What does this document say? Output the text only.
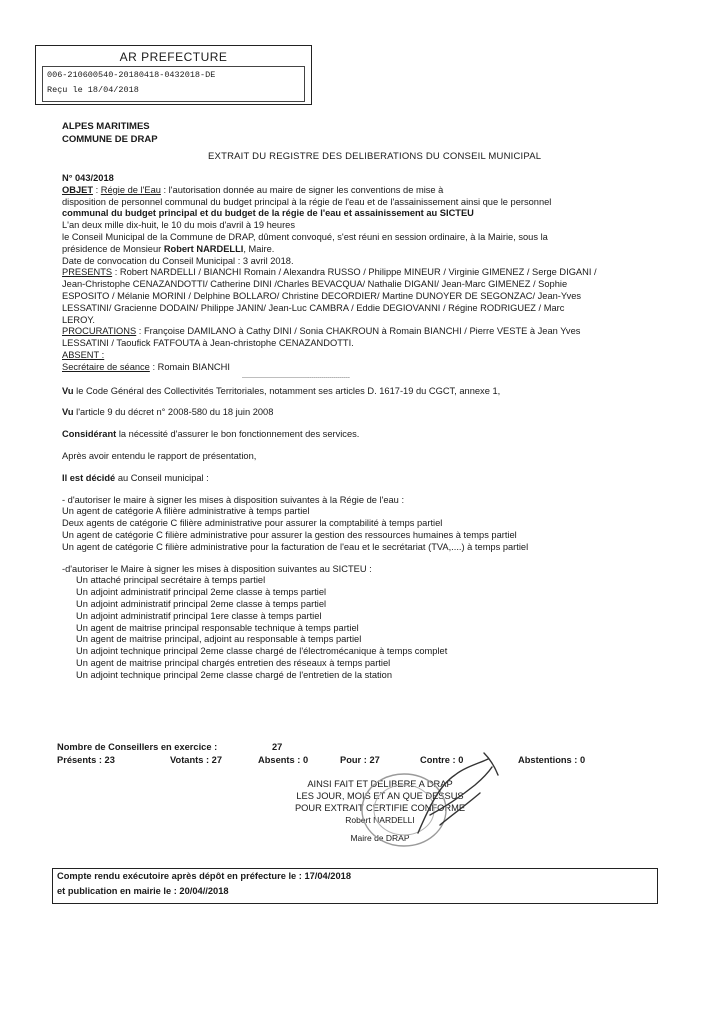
AR PREFECTURE
006-210600540-20180418-0432018-DE
Reçu le 18/04/2018
ALPES MARITIMES
COMMUNE DE DRAP
EXTRAIT DU REGISTRE DES DELIBERATIONS DU CONSEIL MUNICIPAL
N° 043/2018
OBJET : Régie de l'Eau : l'autorisation donnée au maire de signer les conventions de mise à
disposition de personnel communal du budget principal à la régie de l'eau et de l'assainissement ainsi que le personnel
communal du budget principal et du budget de la régie de l'eau et assainissement au SICTEU
L'an deux mille dix-huit, le 10 du mois d'avril à 19 heures
le Conseil Municipal de la Commune de DRAP, dûment convoqué, s'est réuni en session ordinaire, à la Mairie, sous la
présidence de Monsieur Robert NARDELLI, Maire.
Date de convocation du Conseil Municipal : 3 avril 2018.
PRESENTS : Robert NARDELLI / BIANCHI Romain / Alexandra RUSSO / Philippe MINEUR / Virginie GIMENEZ / Serge DIGANI /
Jean-Christophe CENAZANDOTTI/ Catherine DINI /Charles BEVACQUA/ Nathalie DIGANI/ Jean-Marc GIMENEZ / Sophie
ESPOSITO / Mélanie MORINI / Delphine BOLLARO/ Christine DECORDIER/ Martine DUNOYER DE SEGONZAC/ Jean-Yves
LESSATINI/ Gracienne DODAIN/ Philippe JANIN/ Jean-Luc CAMBRA / Eddie DEGIOVANNI / Régine RODRIGUEZ / Marc
LEROY.
PROCURATIONS : Françoise DAMILANO à Cathy DINI / Sonia CHAKROUN à Romain BIANCHI / Pierre VESTE à Jean Yves
LESSATINI / Taoufick FATFOUTA à Jean-christophe CENAZANDOTTI.
ABSENT :
Secrétaire de séance : Romain BIANCHI
------------------------------------------------------
Vu le Code Général des Collectivités Territoriales, notamment ses articles D. 1617-19 du CGCT, annexe 1,
Vu l'article 9 du décret n° 2008-580 du 18 juin 2008
Considérant la nécessité d'assurer le bon fonctionnement des services.
Après avoir entendu le rapport de présentation,
Il est décidé au Conseil municipal :
- d'autoriser le maire à signer les mises à disposition suivantes à la Régie de l'eau :
Un agent de catégorie A filière administrative à temps partiel
Deux agents de catégorie C filière administrative pour assurer la comptabilité à temps partiel
Un agent de catégorie C filière administrative pour assurer la gestion des ressources humaines à temps partiel
Un agent de catégorie C filière administrative pour la facturation de l'eau et le secrétariat (TVA,....) à temps partiel
-d'autoriser le Maire à signer les mises à disposition suivantes au SICTEU :
Un attaché principal secrétaire à temps partiel
Un adjoint administratif principal 2eme classe à temps partiel
Un adjoint administratif principal 2eme classe à temps partiel
Un adjoint administratif principal 1ere classe à temps partiel
Un agent de maitrise principal responsable technique à temps partiel
Un agent de maitrise principal, adjoint au responsable à temps partiel
Un adjoint technique principal 2eme classe chargé de l'électromécanique à temps complet
Un agent de maitrise principal chargés entretien des réseaux à temps partiel
Un adjoint technique principal 2eme classe chargé de l'entretien de la station
Nombre de Conseillers en exercice :	27
Présents : 23	Votants : 27	Absents : 0	Pour : 27	Contre : 0	Abstentions : 0
AINSI FAIT ET DELIBERE A DRAP
LES JOUR, MOIS ET AN QUE DESSUS
POUR EXTRAIT CERTIFIE CONFORME
Robert NARDELLI
Maire de DRAP
Compte rendu exécutoire après dépôt en préfecture le : 17/04/2018
et publication en mairie le : 20/04//2018
